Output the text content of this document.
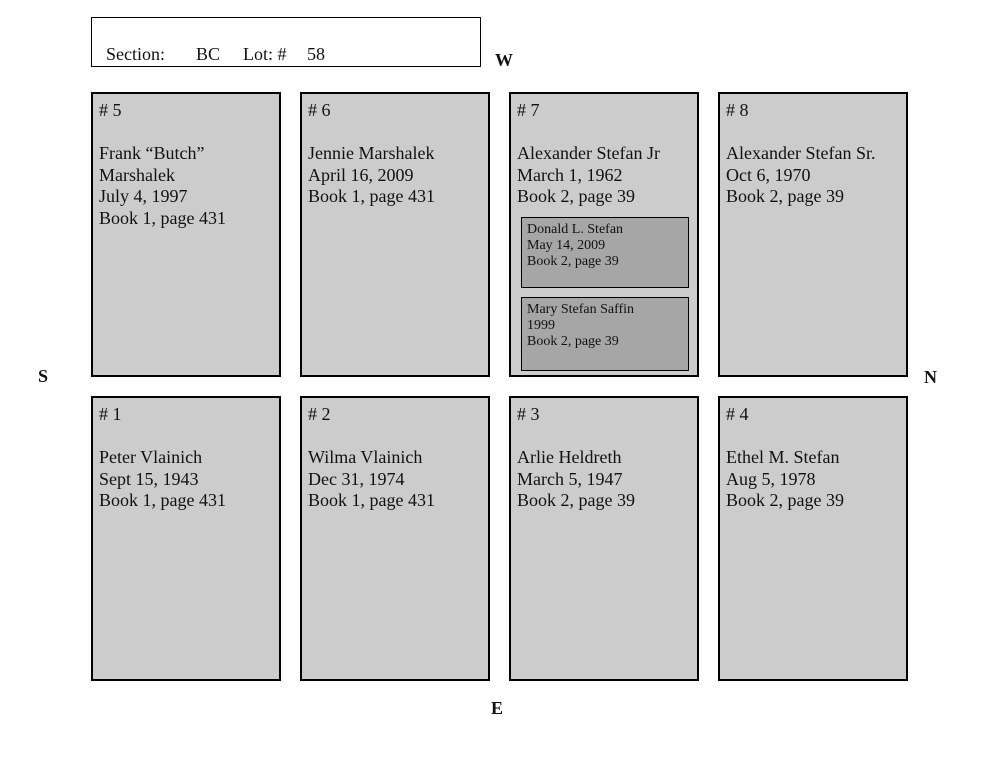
Section: BC Lot: # 58	W
E
S	N
# 5
Frank “Butch”
Marshalek
July 4, 1997
Book 1, page 431
# 6
Jennie Marshalek
April 16, 2009
Book 1, page 431
# 7
Alexander Stefan Jr
March 1, 1962
Book 2, page 39
Donald L. Stefan
May 14, 2009
Book 2, page 39
Mary Stefan Saffin
1999
Book 2, page 39
# 8
Alexander Stefan Sr.
Oct 6, 1970
Book 2, page 39
# 1
Peter Vlainich
Sept 15, 1943
Book 1, page 431
# 2
Wilma Vlainich
Dec 31, 1974
Book 1, page 431
# 3
Arlie Heldreth
March 5, 1947
Book 2, page 39
# 4
Ethel M. Stefan
Aug 5, 1978
Book 2, page 39
